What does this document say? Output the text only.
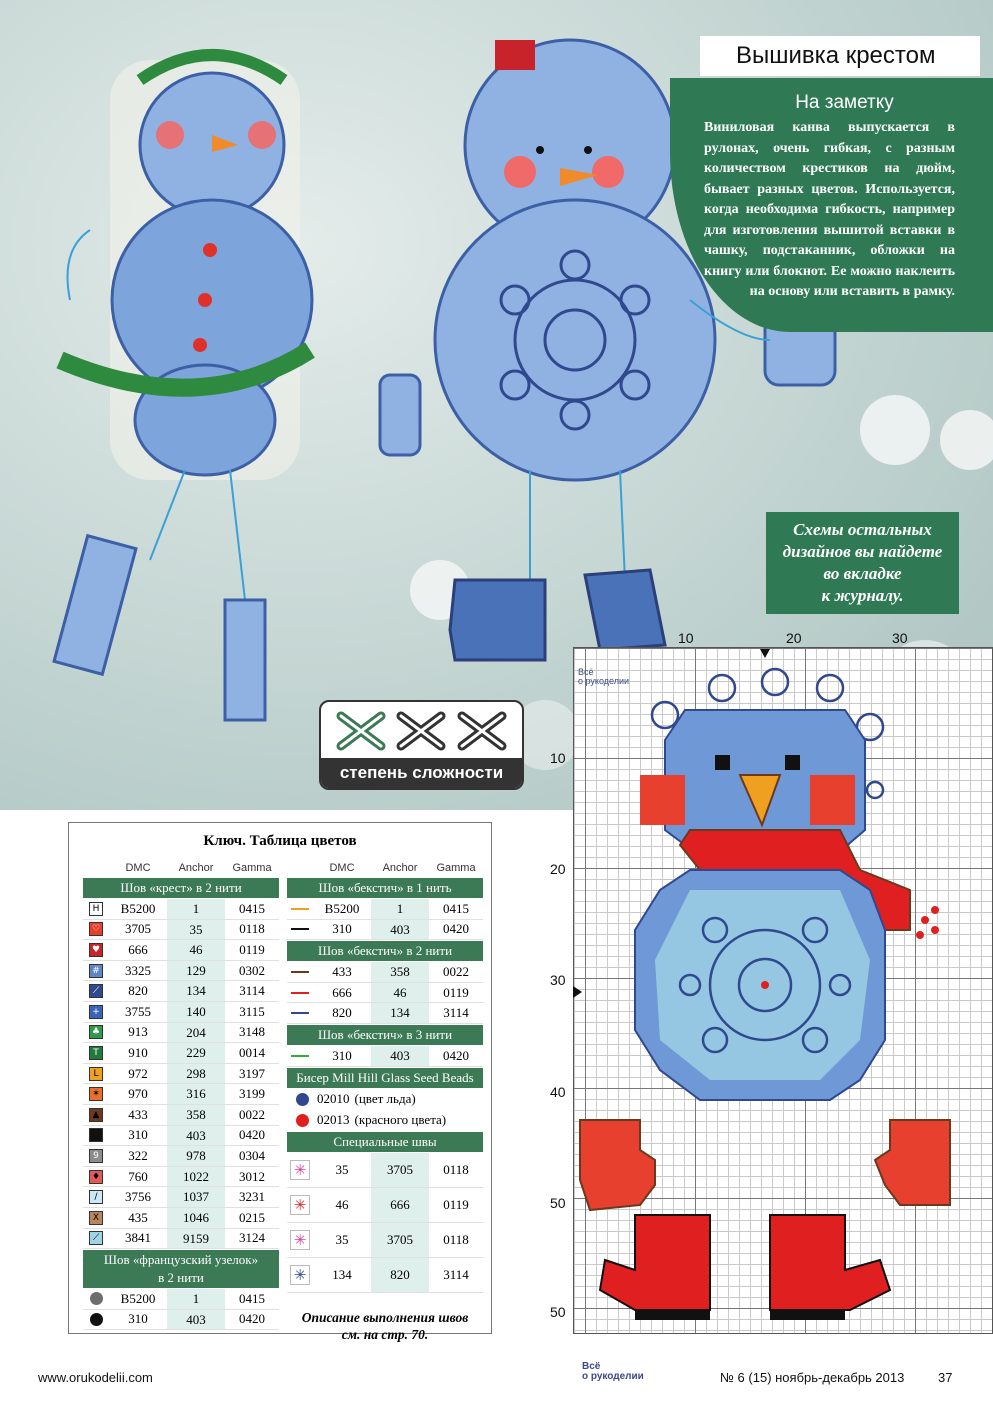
Вышивка крестом
На заметку
Виниловая канва выпускается в рулонах, очень гибкая, с разным количеством крестиков на дюйм, бывает разных цветов. Используется, когда необходима гибкость, например для изготовления вышитой вставки в чашку, подстаканник, обложки на книгу или блокнот. Ее можно наклеить на основу или вставить в рамку.
Схемы остальных
дизайнов вы найдете
во вкладке
к журналу.
степень сложности
Ключ. Таблица цветов
DMC	Anchor	Gamma
Шов «крест» в 2 нити
H	B5200	1	0415
♡	3705	35	0118
♥	666	46	0119
#	3325	129	0302
⟋	820	134	3114
+	3755	140	3115
♣	913	204	3148
T	910	229	0014
L	972	298	3197
✶	970	316	3199
▲	433	358	0022
■	310	403	0420
9	322	978	0304
♦	760	1022	3012
/	3756	1037	3231
X	435	1046	0215
⟋	3841	9159	3124
Шов «французский узелок»
в 2 нити
B5200	1	0415
310	403	0420
DMC	Anchor	Gamma
Шов «бекстич» в 1 нить
B5200	1	0415
310	403	0420
Шов «бекстич» в 2 нити
433	358	0022
666	46	0119
820	134	3114
Шов «бекстич» в 3 нити
310	403	0420
Бисер Mill Hill Glass Seed Beads
02010 (цвет льда)
02013 (красного цвета)
Специальные швы
✳	35	3705	0118
✳	46	666	0119
✳	35	3705	0118
✳	134	820	3114
Описание выполнения швов
см. на стр. 70.
10	20	30
10
20
30
40
50
50
Всё
о рукоделии
www.orukodelii.com
Всё
о рукоделии	№ 6 (15) ноябрь-декабрь 2013	37
